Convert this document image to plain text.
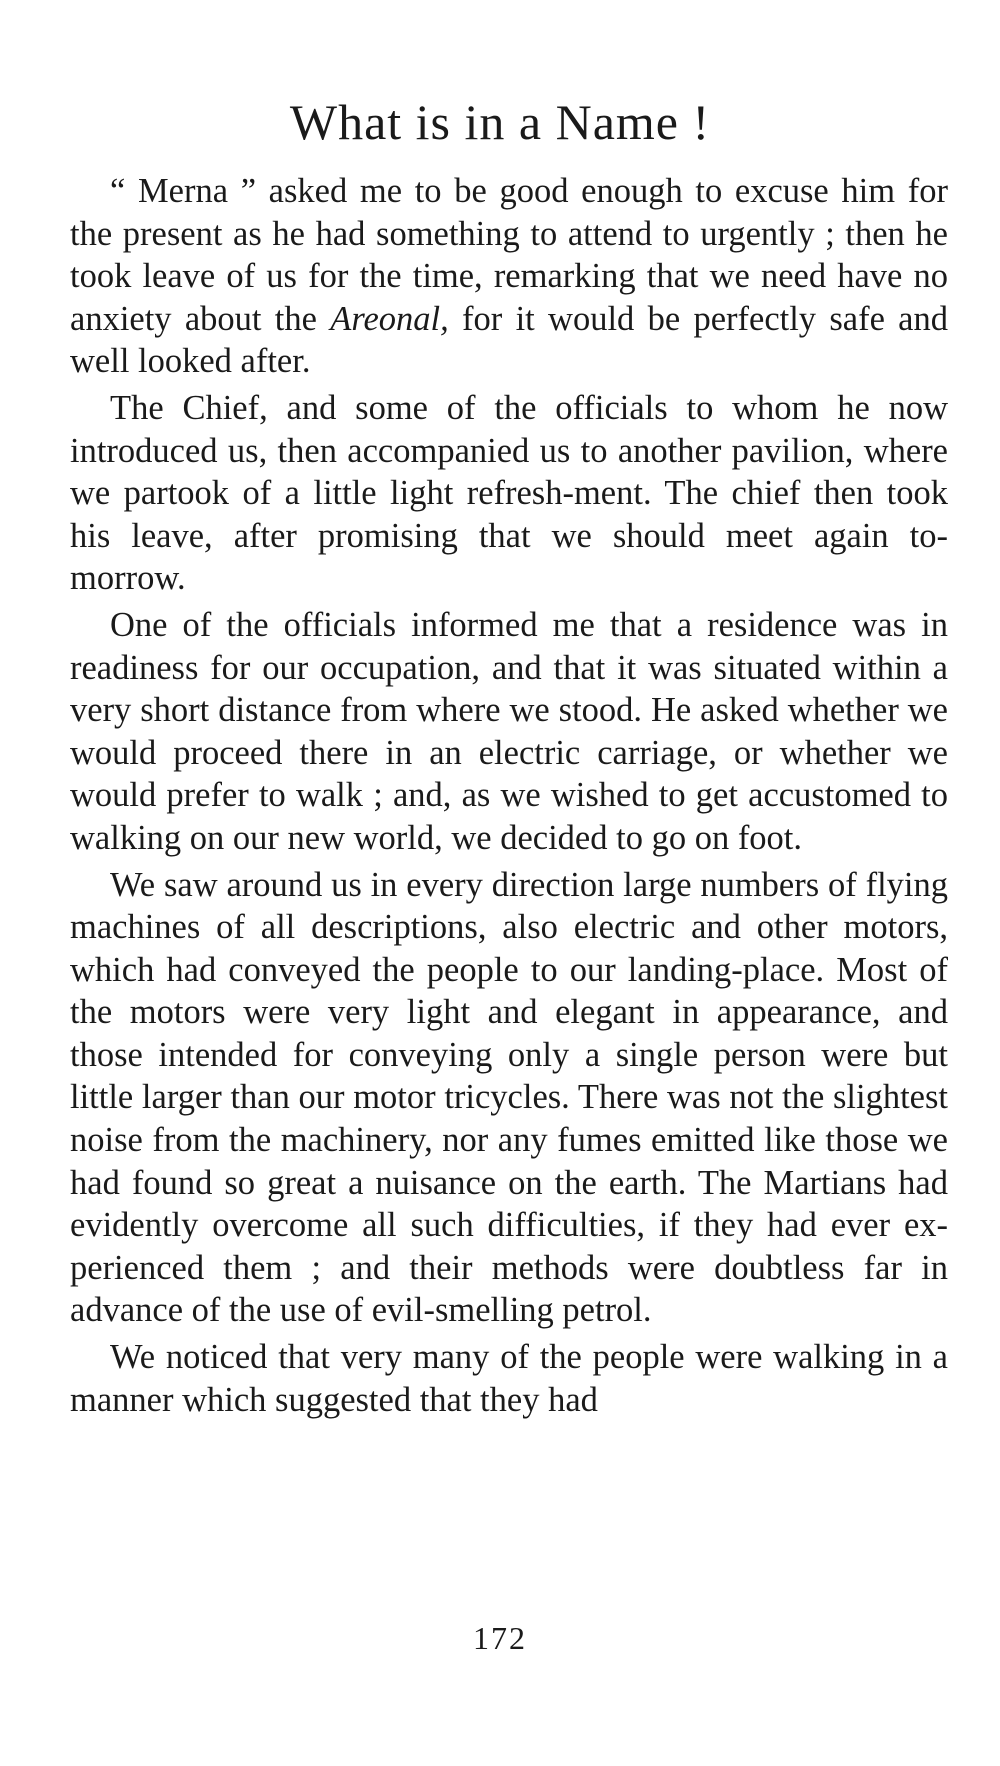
What is in a Name !

“ Merna ” asked me to be good enough to excuse him for the present as he had something to attend to urgently ; then he took leave of us for the time, remarking that we need have no anxiety about the Areonal, for it would be perfectly safe and well looked after.

The Chief, and some of the officials to whom he now introduced us, then accompanied us to another pavilion, where we partook of a little light refresh-ment. The chief then took his leave, after promising that we should meet again to-morrow.

One of the officials informed me that a residence was in readiness for our occupation, and that it was situated within a very short distance from where we stood. He asked whether we would proceed there in an electric carriage, or whether we would prefer to walk ; and, as we wished to get accustomed to walking on our new world, we decided to go on foot.

We saw around us in every direction large numbers of flying machines of all descriptions, also electric and other motors, which had conveyed the people to our landing-place. Most of the motors were very light and elegant in appearance, and those intended for conveying only a single person were but little larger than our motor tricycles. There was not the slightest noise from the machinery, nor any fumes emitted like those we had found so great a nuisance on the earth. The Martians had evidently overcome all such difficulties, if they had ever ex-perienced them ; and their methods were doubtless far in advance of the use of evil-smelling petrol.

We noticed that very many of the people were walking in a manner which suggested that they had

172
